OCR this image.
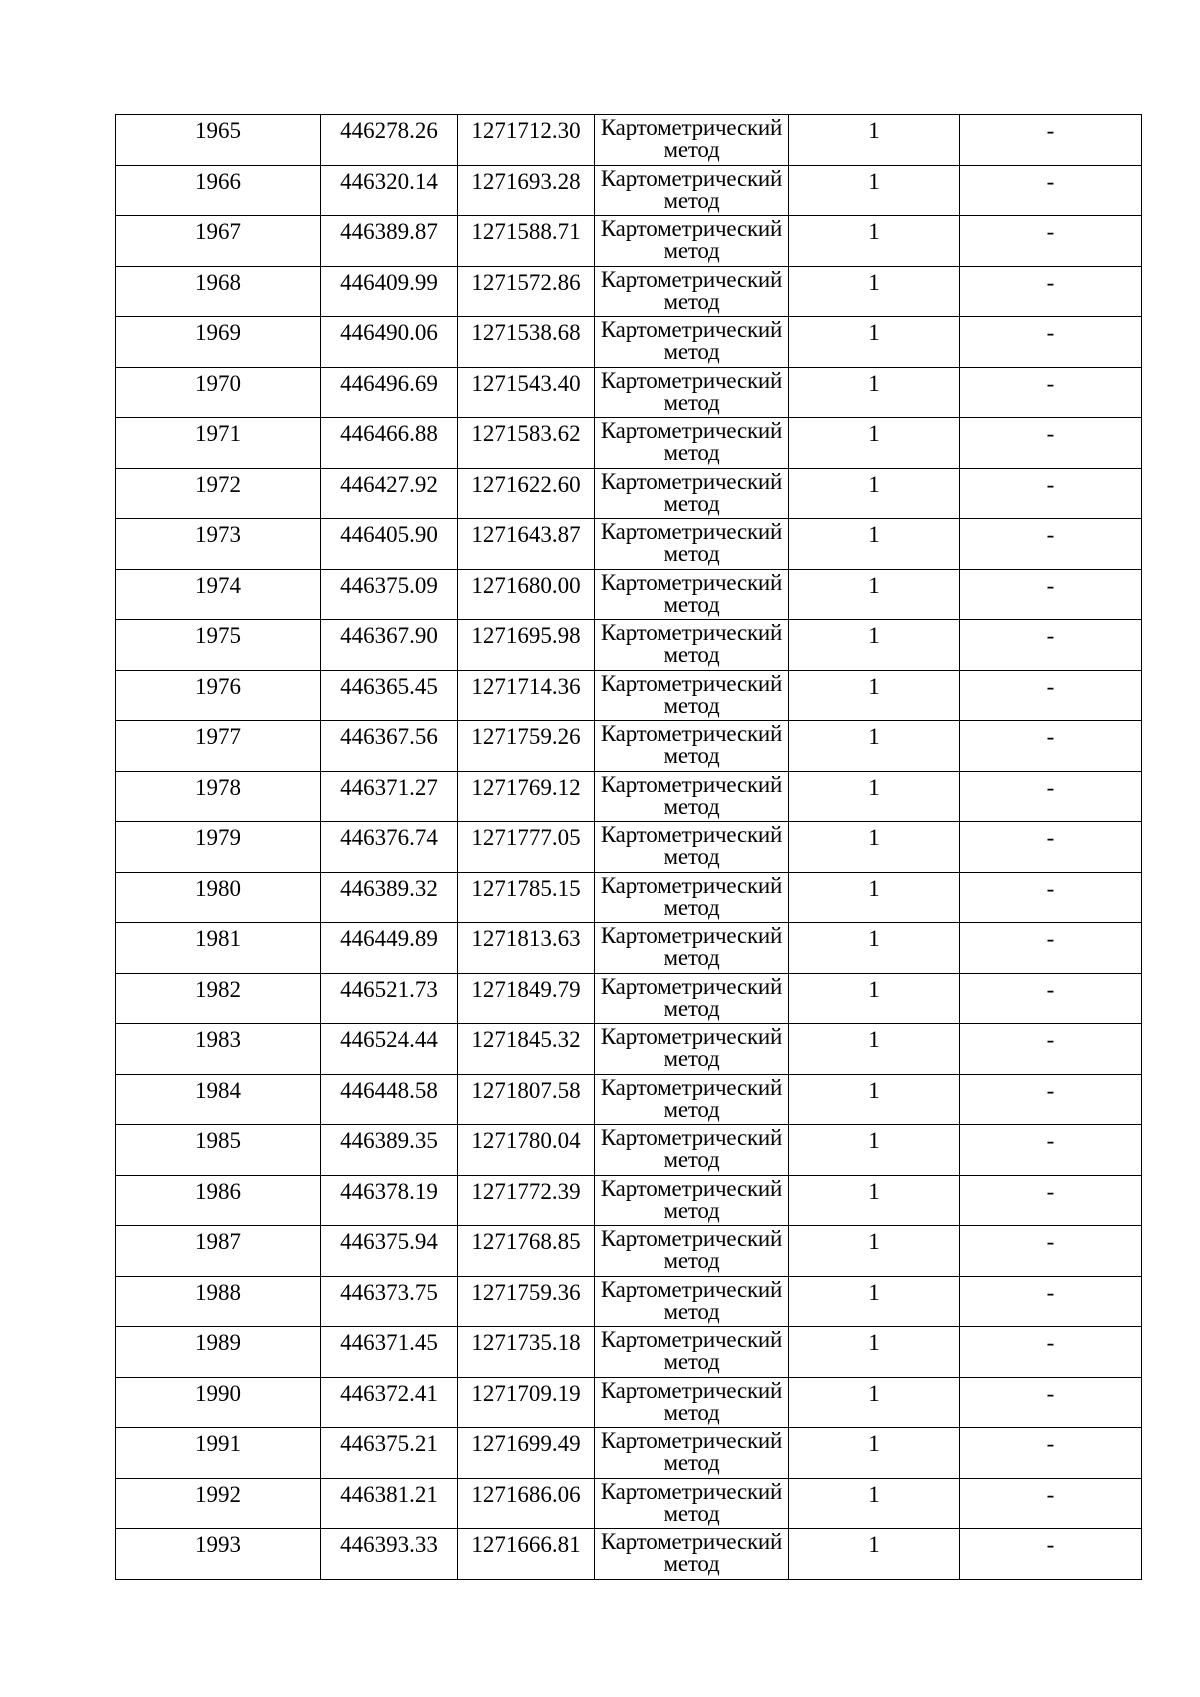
1965	446278.26	1271712.30	Картометрический метод	1	-

1966	446320.14	1271693.28	Картометрический метод	1	-

1967	446389.87	1271588.71	Картометрический метод	1	-

1968	446409.99	1271572.86	Картометрический метод	1	-

1969	446490.06	1271538.68	Картометрический метод	1	-

1970	446496.69	1271543.40	Картометрический метод	1	-

1971	446466.88	1271583.62	Картометрический метод	1	-

1972	446427.92	1271622.60	Картометрический метод	1	-

1973	446405.90	1271643.87	Картометрический метод	1	-

1974	446375.09	1271680.00	Картометрический метод	1	-

1975	446367.90	1271695.98	Картометрический метод	1	-

1976	446365.45	1271714.36	Картометрический метод	1	-

1977	446367.56	1271759.26	Картометрический метод	1	-

1978	446371.27	1271769.12	Картометрический метод	1	-

1979	446376.74	1271777.05	Картометрический метод	1	-

1980	446389.32	1271785.15	Картометрический метод	1	-

1981	446449.89	1271813.63	Картометрический метод	1	-

1982	446521.73	1271849.79	Картометрический метод	1	-

1983	446524.44	1271845.32	Картометрический метод	1	-

1984	446448.58	1271807.58	Картометрический метод	1	-

1985	446389.35	1271780.04	Картометрический метод	1	-

1986	446378.19	1271772.39	Картометрический метод	1	-

1987	446375.94	1271768.85	Картометрический метод	1	-

1988	446373.75	1271759.36	Картометрический метод	1	-

1989	446371.45	1271735.18	Картометрический метод	1	-

1990	446372.41	1271709.19	Картометрический метод	1	-

1991	446375.21	1271699.49	Картометрический метод	1	-

1992	446381.21	1271686.06	Картометрический метод	1	-

1993	446393.33	1271666.81	Картометрический метод	1	-
